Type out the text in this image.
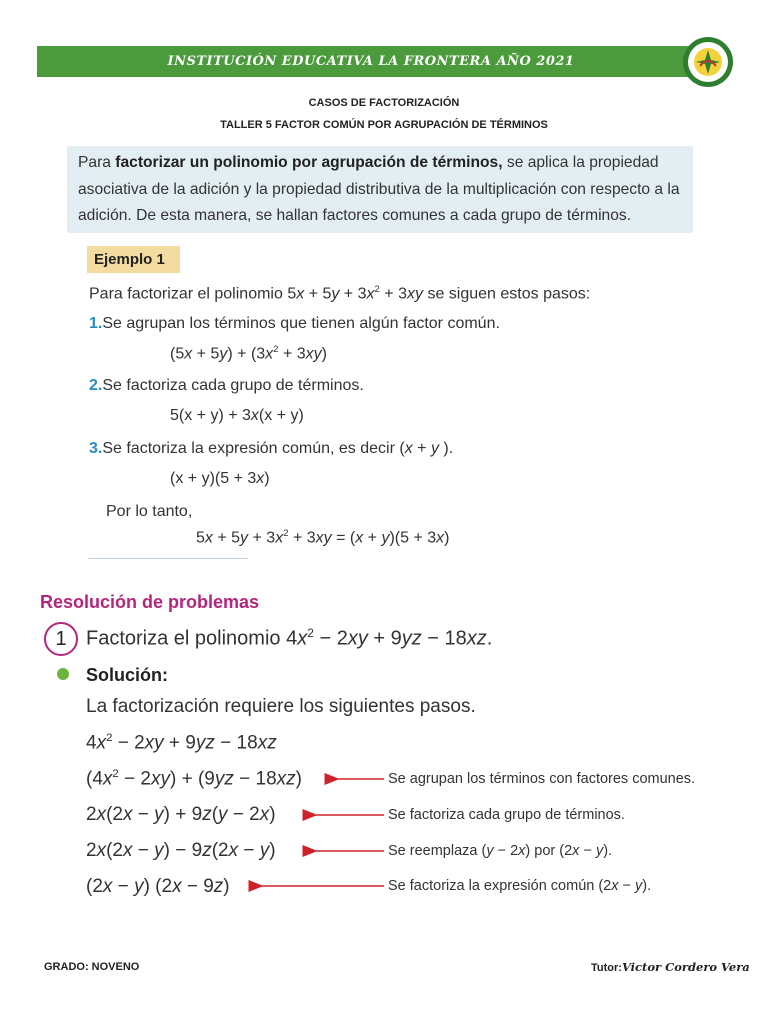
INSTITUCIÓN EDUCATIVA LA FRONTERA AÑO 2021
CASOS DE FACTORIZACIÓN
TALLER 5 FACTOR COMÚN POR AGRUPACIÓN DE TÉRMINOS
Para factorizar un polinomio por agrupación de términos, se aplica la propiedad asociativa de la adición y la propiedad distributiva de la multiplicación con respecto a la adición. De esta manera, se hallan factores comunes a cada grupo de términos.
Ejemplo 1
Para factorizar el polinomio $5x + 5y + 3x^2 + 3xy$ se siguen estos pasos:
1.Se agrupan los términos que tienen algún factor común.
$(5x + 5y) + (3x^2 + 3xy)$
2.Se factoriza cada grupo de términos.
5(x + y) + 3x(x + y)
3.Se factoriza la expresión común, es decir (x + y ).
(x + y)(5 + 3x)
Por lo tanto,
$5x + 5y + 3x^2 + 3xy = (x + y)(5 + 3x)$
Resolución de problemas
1 Factoriza el polinomio $4x^2 - 2xy + 9yz - 18xz$.
Solución:
La factorización requiere los siguientes pasos.
$4x^2 - 2xy + 9yz - 18xz$
$(4x^2 - 2xy) + (9yz - 18xz)$
2x(2x − y) + 9z(y − 2x)
2x(2x − y) − 9z(2x − y)
(2x − y) (2x − 9z)
Se agrupan los términos con factores comunes.
Se factoriza cada grupo de términos.
Se reemplaza (y − 2x) por (2x − y).
Se factoriza la expresión común (2x − y).
GRADO: NOVENO	Tutor:Victor Cordero Vera
